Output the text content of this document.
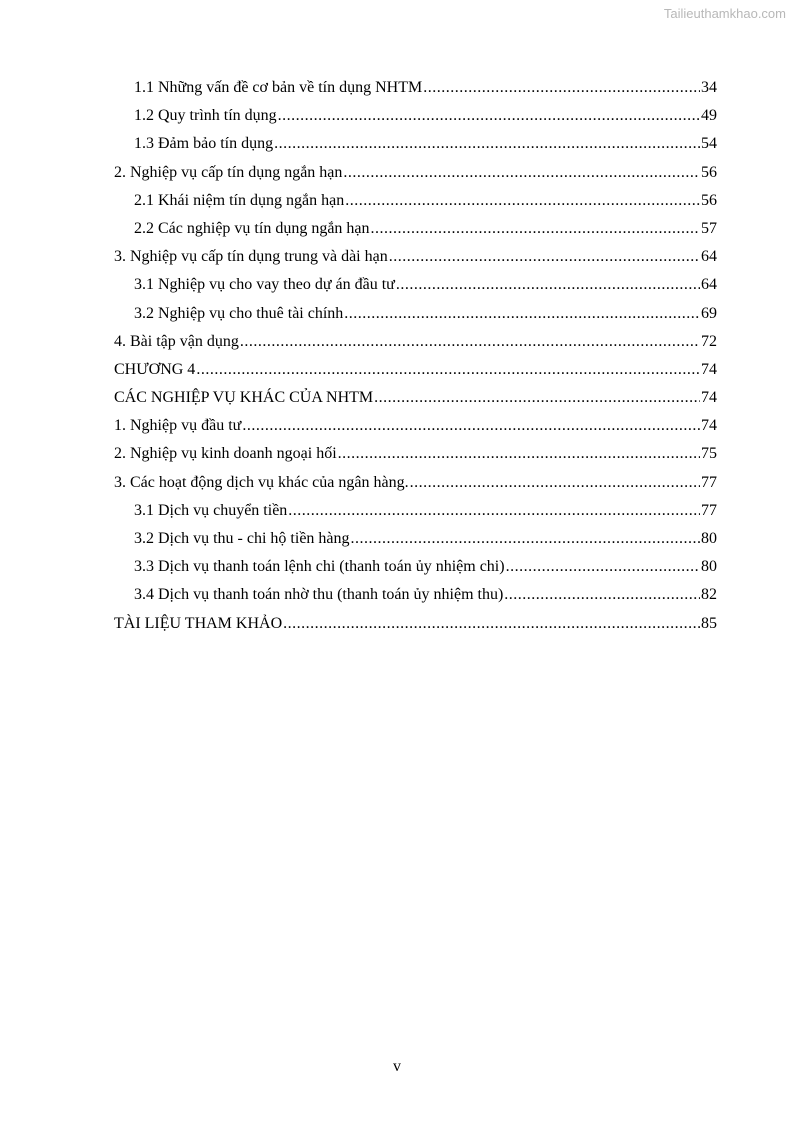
Tailieuthamkhao.com
1.1 Những vấn đề cơ bản về tín dụng NHTM .....	34
1.2 Quy trình tín dụng .....	49
1.3 Đảm bảo tín dụng .....	54
2. Nghiệp vụ cấp tín dụng ngắn hạn .....	56
2.1 Khái niệm tín dụng ngắn hạn .....	56
2.2 Các nghiệp vụ tín dụng ngắn hạn .....	57
3. Nghiệp vụ cấp tín dụng trung và dài hạn .....	64
3.1 Nghiệp vụ cho vay theo dự án đầu tư .....	64
3.2 Nghiệp vụ cho thuê tài chính .....	69
4. Bài tập vận dụng .....	72
CHƯƠNG 4 .....	74
CÁC NGHIỆP VỤ KHÁC CỦA NHTM .....	74
1. Nghiệp vụ đầu tư .....	74
2. Nghiệp vụ kinh doanh ngoại hối .....	75
3. Các hoạt động dịch vụ khác của ngân hàng. .....	77
3.1 Dịch vụ chuyển tiền .....	77
3.2 Dịch vụ thu - chi hộ tiền hàng .....	80
3.3 Dịch vụ thanh toán lệnh chi (thanh toán ủy nhiệm chi) .....	80
3.4 Dịch vụ thanh toán nhờ thu (thanh toán ủy nhiệm thu) .....	82
TÀI LIỆU THAM KHẢO .....	85
v
